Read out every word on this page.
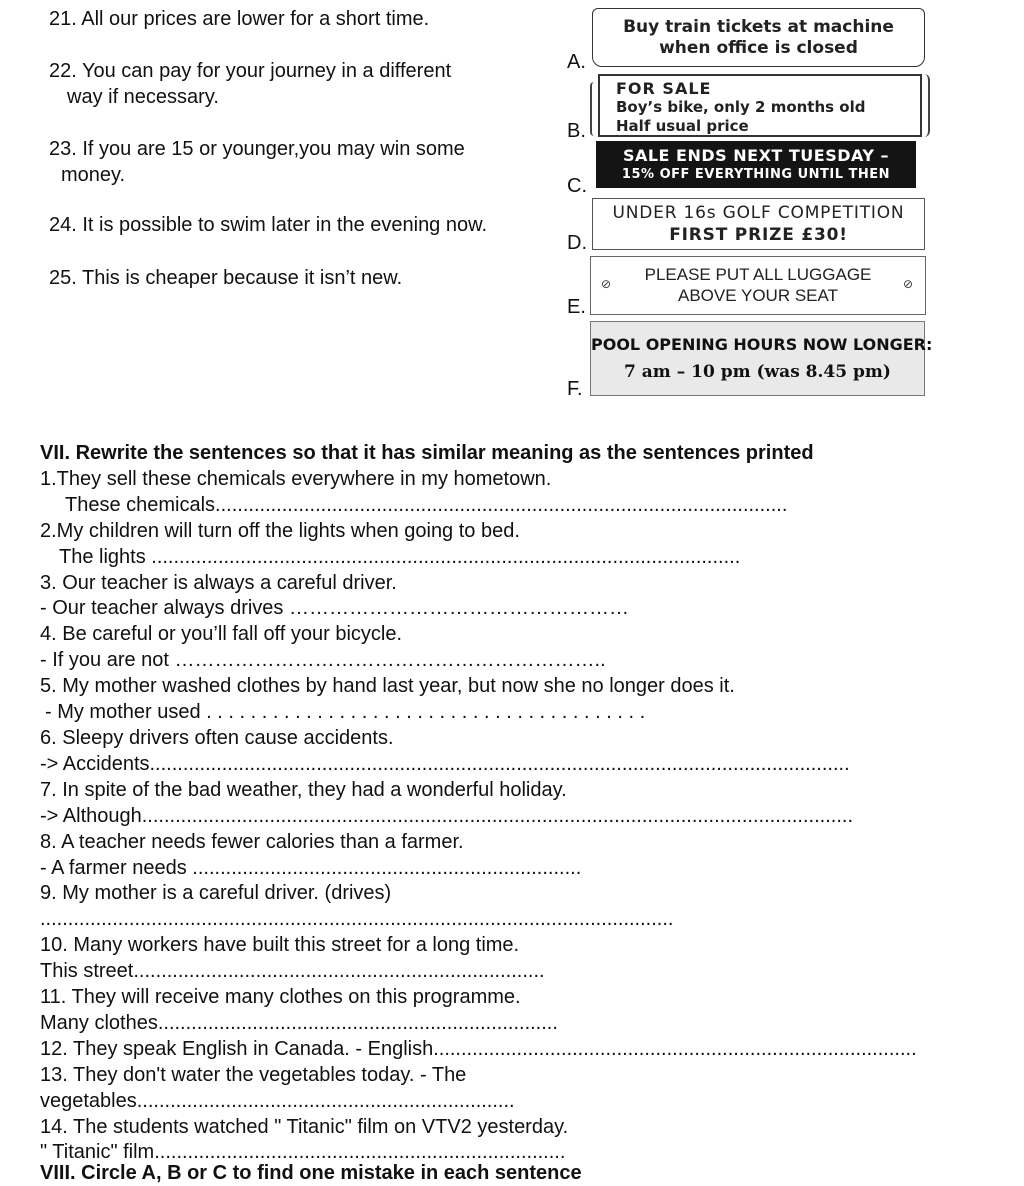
21. All our prices are lower for a short time.

22. You can pay for your journey in a different
way if necessary.

23. If you are 15 or younger,you may win some
money.

24. It is possible to swim later in the evening now.

25. This is cheaper because it isn’t new.

A.
B.
C.
D.
E.
F.
Buy train tickets at machine
when office is closed
FOR SALE
Boy’s bike, only 2 months old
Half usual price
SALE ENDS NEXT TUESDAY –
15% OFF EVERYTHING UNTIL THEN
UNDER 16s GOLF COMPETITION
FIRST PRIZE £30!
PLEASE PUT ALL LUGGAGE
ABOVE YOUR SEAT
⊘	⊘
POOL OPENING HOURS NOW LONGER:
7 am – 10 pm (was 8.45 pm)
VII. Rewrite the sentences so that it has similar meaning as the sentences printed
1.They sell these chemicals everywhere in my hometown.
These chemicals.......................................................................................................
2.My children will turn off the lights when going to bed.
The lights ..........................................................................................................
3. Our teacher is always a careful driver.
- Our teacher always drives ……………………………………………
4. Be careful or you’ll fall off your bicycle.
- If you are not ………………………………………………………..
5. My mother washed clothes by hand last year, but now she no longer does it.
- My mother used . . . . . . . . . . . . . . . . . . . . . . . . . . . . . . . . . . . . . . . .
6. Sleepy drivers often cause accidents.
-> Accidents..............................................................................................................................
7. In spite of the bad weather, they had a wonderful holiday.
-> Although................................................................................................................................
8. A teacher needs fewer calories than a farmer.
- A farmer needs ......................................................................
9. My mother is a careful driver. (drives)
..................................................................................................................
10. Many workers have built this street for a long time.
This street..........................................................................
11. They will receive many clothes on this programme.
Many clothes........................................................................
12. They speak English in Canada. - English.......................................................................................
13. They don't water the vegetables today. - The
vegetables....................................................................
14. The students watched " Titanic" film on VTV2 yesterday.
" Titanic" film..........................................................................
VIII. Circle A, B or C to find one mistake in each sentence
